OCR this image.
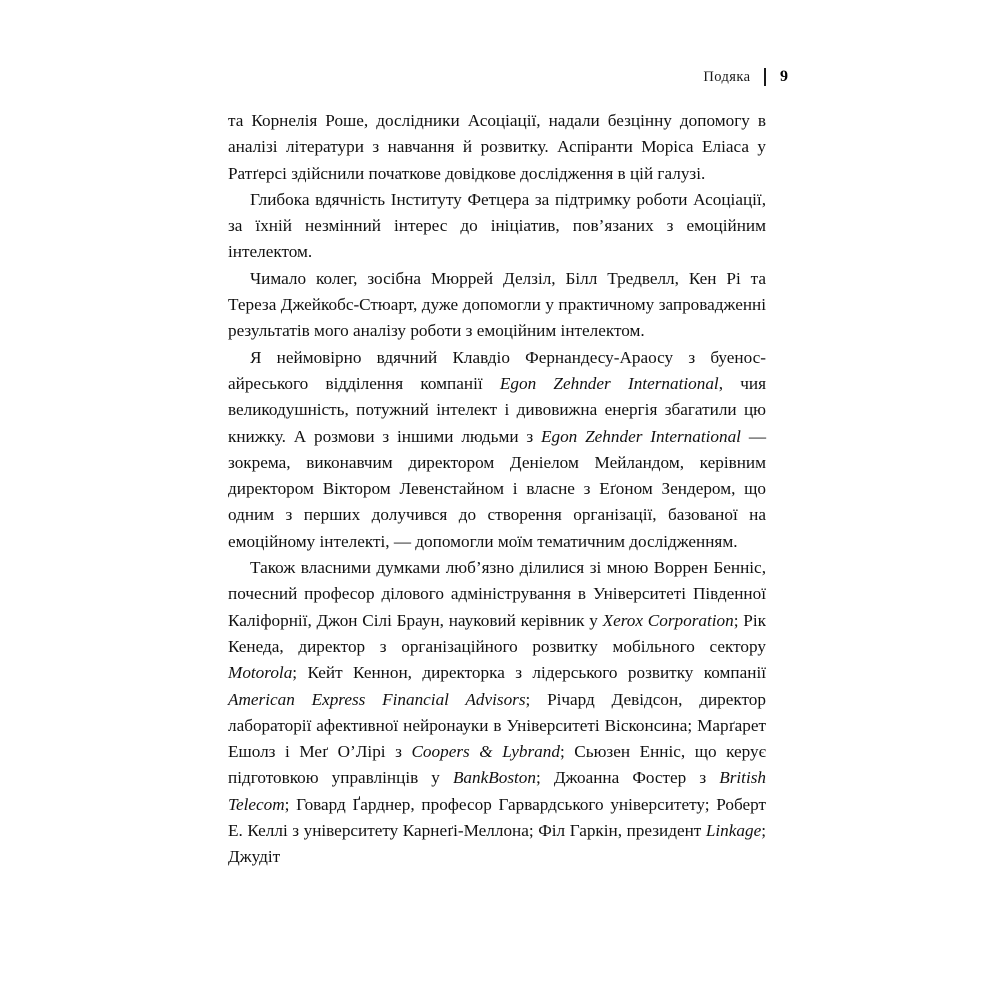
Подяка 9

та Корнелія Роше, дослідники Асоціації, надали безцінну допомогу в аналізі літератури з навчання й розвитку. Аспіранти Моріса Еліаса у Ратґерсі здійснили початкове довідкове дослідження в цій галузі.

Глибока вдячність Інституту Фетцера за підтримку роботи Асоціації, за їхній незмінний інтерес до ініціатив, пов’язаних з емоційним інтелектом.

Чимало колег, зосібна Мюррей Делзіл, Білл Тредвелл, Кен Рі та Тереза Джейкобс-Стюарт, дуже допомогли у практичному запровадженні результатів мого аналізу роботи з емоційним інтелектом.

Я неймовірно вдячний Клавдіо Фернандесу-Араосу з буенос-айреського відділення компанії Egon Zehnder International, чия великодушність, потужний інтелект і дивовижна енергія збагатили цю книжку. А розмови з іншими людьми з Egon Zehnder International — зокрема, виконавчим директором Деніелом Мейландом, керівним директором Віктором Левенстайном і власне з Еґоном Зендером, що одним з перших долучився до створення організації, базованої на емоційному інтелекті, — допомогли моїм тематичним дослідженням.

Також власними думками люб’язно ділилися зі мною Воррен Бенніс, почесний професор ділового адміністрування в Університеті Південної Каліфорнії, Джон Сілі Браун, науковий керівник у Xerox Corporation; Рік Кенеда, директор з організаційного розвитку мобільного сектору Motorola; Кейт Кеннон, директорка з лідерського розвитку компанії American Express Financial Advisors; Річард Девідсон, директор лабораторії афективної нейронауки в Університеті Вісконсина; Марґарет Ешолз і Меґ О’Лірі з Coopers & Lybrand; Сьюзен Енніс, що керує підготовкою управлінців у BankBoston; Джоанна Фостер з British Telecom; Говард Ґарднер, професор Гарвардського університету; Роберт Е. Келлі з університету Карнеґі-Меллона; Філ Гаркін, президент Linkage; Джудіт
